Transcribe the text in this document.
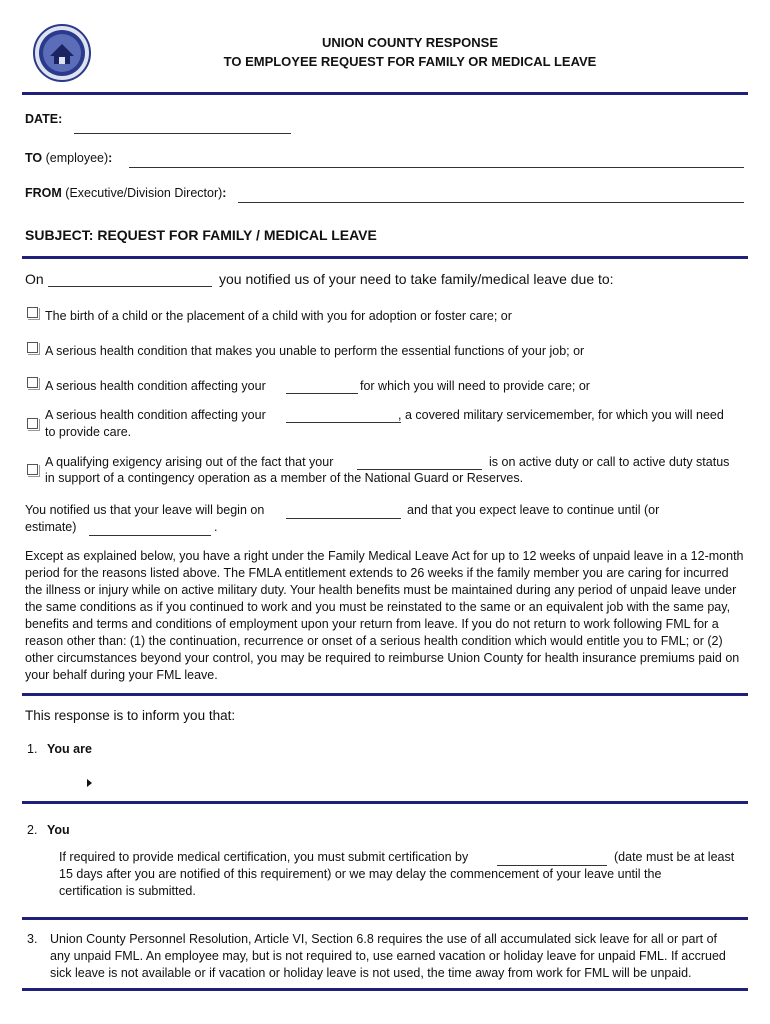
UNION COUNTY RESPONSE
TO EMPLOYEE REQUEST FOR FAMILY OR MEDICAL LEAVE
DATE:
TO (employee):
FROM (Executive/Division Director):
SUBJECT: REQUEST FOR FAMILY / MEDICAL LEAVE
On	you notified us of your need to take family/medical leave due to:
The birth of a child or the placement of a child with you for adoption or foster care; or
A serious health condition that makes you unable to perform the essential functions of your job; or
A serious health condition affecting your	for which you will need to provide care; or
A serious health condition affecting your	, a covered military servicemember, for which you will need
to provide care.
A qualifying exigency arising out of the fact that your	is on active duty or call to active duty status
in support of a contingency operation as a member of the National Guard or Reserves.
You notified us that your leave will begin on	and that you expect leave to continue until (or
estimate)	.
Except as explained below, you have a right under the Family Medical Leave Act for up to 12 weeks of unpaid leave in a 12-month period for the reasons listed above. The FMLA entitlement extends to 26 weeks if the family member you are caring for incurred the illness or injury while on active military duty. Your health benefits must be maintained during any period of unpaid leave under the same conditions as if you continued to work and you must be reinstated to the same or an equivalent job with the same pay, benefits and terms and conditions of employment upon your return from leave. If you do not return to work following FML for a reason other than: (1) the continuation, recurrence or onset of a serious health condition which would entitle you to FML; or (2) other circumstances beyond your control, you may be required to reimburse Union County for health insurance premiums paid on your behalf during your FML leave.
This response is to inform you that:
1. You are
2. You
If required to provide medical certification, you must submit certification by	(date must be at least
15 days after you are notified of this requirement) or we may delay the commencement of your leave until the
certification is submitted.
3. Union County Personnel Resolution, Article VI, Section 6.8 requires the use of all accumulated sick leave for all or part of
any unpaid FML. An employee may, but is not required to, use earned vacation or holiday leave for unpaid FML. If accrued
sick leave is not available or if vacation or holiday leave is not used, the time away from work for FML will be unpaid.
